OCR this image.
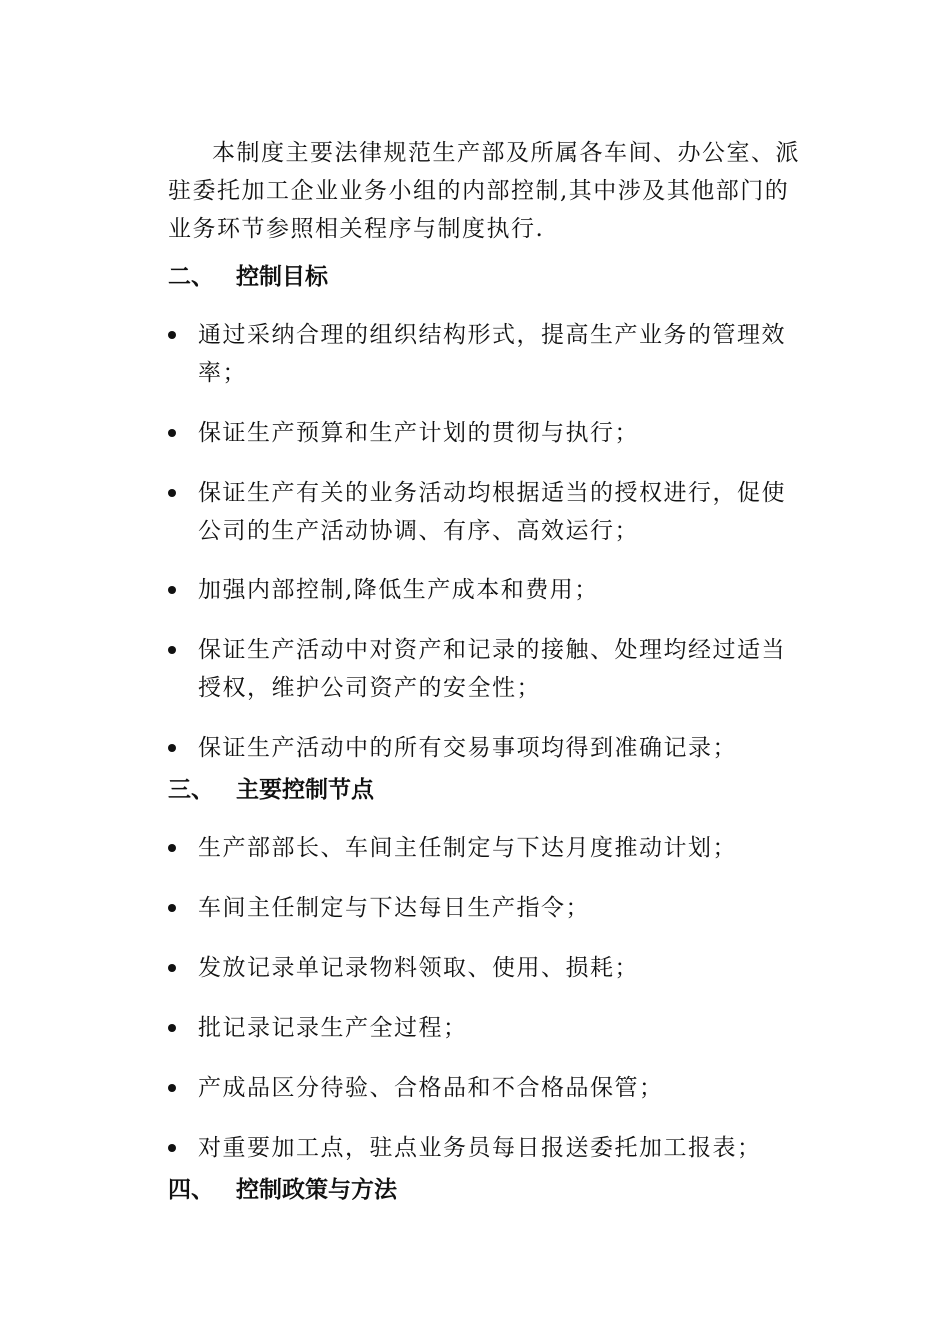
本制度主要法律规范生产部及所属各车间、办公室、派驻委托加工企业业务小组的内部控制,其中涉及其他部门的业务环节参照相关程序与制度执行.

二、 控制目标
通过采纳合理的组织结构形式，提高生产业务的管理效率；
保证生产预算和生产计划的贯彻与执行；
保证生产有关的业务活动均根据适当的授权进行，促使公司的生产活动协调、有序、高效运行；
加强内部控制,降低生产成本和费用；
保证生产活动中对资产和记录的接触、处理均经过适当授权，维护公司资产的安全性；
保证生产活动中的所有交易事项均得到准确记录；
三、 主要控制节点
生产部部长、车间主任制定与下达月度推动计划；
车间主任制定与下达每日生产指令；
发放记录单记录物料领取、使用、损耗；
批记录记录生产全过程；
产成品区分待验、合格品和不合格品保管；
对重要加工点，驻点业务员每日报送委托加工报表；
四、 控制政策与方法
